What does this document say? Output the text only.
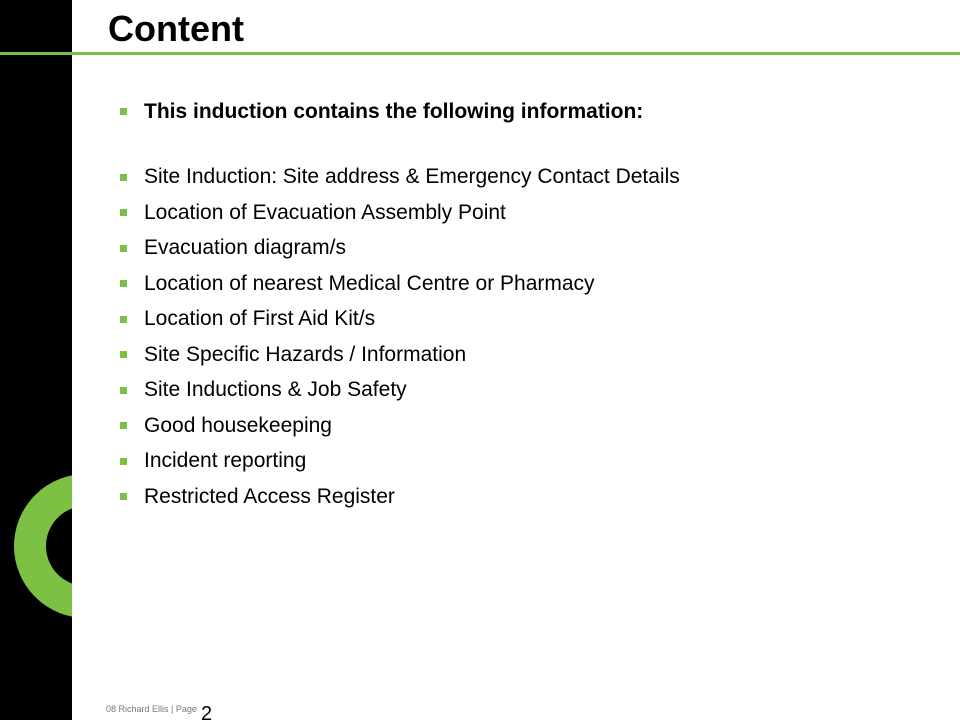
Content
This induction contains the following information:
Site Induction: Site address & Emergency Contact Details
Location of Evacuation Assembly Point
Evacuation diagram/s
Location of nearest Medical Centre or Pharmacy
Location of First Aid Kit/s
Site Specific Hazards / Information
Site Inductions & Job Safety
Good housekeeping
Incident reporting
Restricted Access Register
08 Richard Ellis | Page 2
